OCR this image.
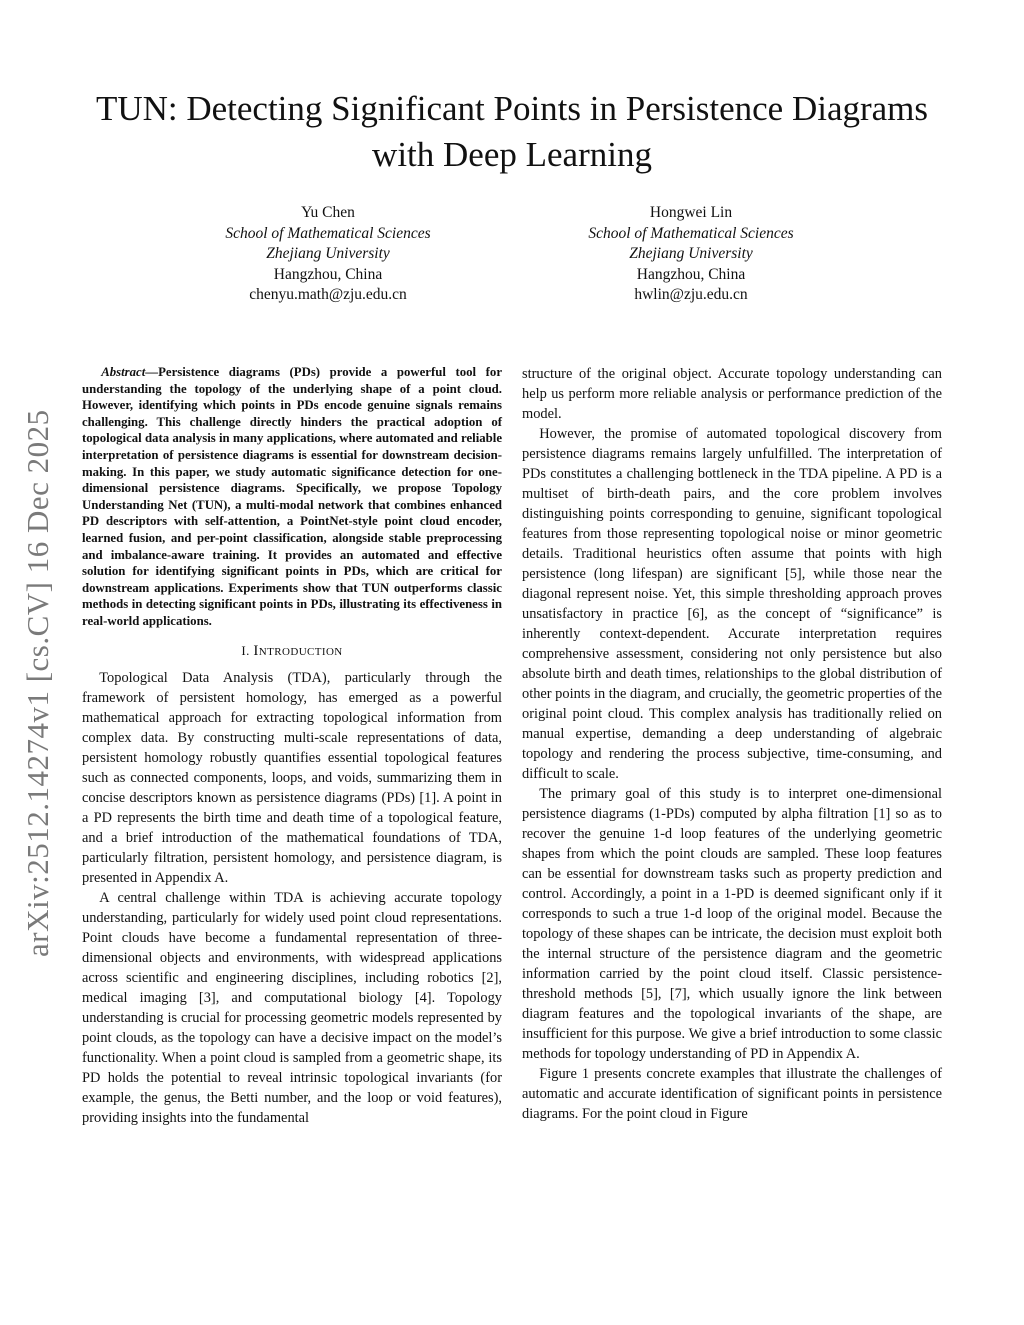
TUN: Detecting Significant Points in Persistence Diagrams with Deep Learning
Yu Chen
School of Mathematical Sciences
Zhejiang University
Hangzhou, China
chenyu.math@zju.edu.cn
Hongwei Lin
School of Mathematical Sciences
Zhejiang University
Hangzhou, China
hwlin@zju.edu.cn
arXiv:2512.14274v1 [cs.CV] 16 Dec 2025

Abstract—Persistence diagrams (PDs) provide a powerful tool for understanding the topology of the underlying shape of a point cloud. However, identifying which points in PDs encode genuine signals remains challenging. This challenge directly hinders the practical adoption of topological data analysis in many applications, where automated and reliable interpretation of persistence diagrams is essential for downstream decision-making. In this paper, we study automatic significance detection for one-dimensional persistence diagrams. Specifically, we propose Topology Understanding Net (TUN), a multi-modal network that combines enhanced PD descriptors with self-attention, a PointNet-style point cloud encoder, learned fusion, and per-point classification, alongside stable preprocessing and imbalance-aware training. It provides an automated and effective solution for identifying significant points in PDs, which are critical for downstream applications. Experiments show that TUN outperforms classic methods in detecting significant points in PDs, illustrating its effectiveness in real-world applications.

I. Introduction

Topological Data Analysis (TDA), particularly through the framework of persistent homology, has emerged as a powerful mathematical approach for extracting topological information from complex data. By constructing multi-scale representations of data, persistent homology robustly quantifies essential topological features such as connected components, loops, and voids, summarizing them in concise descriptors known as persistence diagrams (PDs) [1]. A point in a PD represents the birth time and death time of a topological feature, and a brief introduction of the mathematical foundations of TDA, particularly filtration, persistent homology, and persistence diagram, is presented in Appendix A.

A central challenge within TDA is achieving accurate topology understanding, particularly for widely used point cloud representations. Point clouds have become a fundamental representation of three-dimensional objects and environments, with widespread applications across scientific and engineering disciplines, including robotics [2], medical imaging [3], and computational biology [4]. Topology understanding is crucial for processing geometric models represented by point clouds, as the topology can have a decisive impact on the model’s functionality. When a point cloud is sampled from a geometric shape, its PD holds the potential to reveal intrinsic topological invariants (for example, the genus, the Betti number, and the loop or void features), providing insights into the fundamental

structure of the original object. Accurate topology understanding can help us perform more reliable analysis or performance prediction of the model.

However, the promise of automated topological discovery from persistence diagrams remains largely unfulfilled. The interpretation of PDs constitutes a challenging bottleneck in the TDA pipeline. A PD is a multiset of birth-death pairs, and the core problem involves distinguishing points corresponding to genuine, significant topological features from those representing topological noise or minor geometric details. Traditional heuristics often assume that points with high persistence (long lifespan) are significant [5], while those near the diagonal represent noise. Yet, this simple thresholding approach proves unsatisfactory in practice [6], as the concept of “significance” is inherently context-dependent. Accurate interpretation requires comprehensive assessment, considering not only persistence but also absolute birth and death times, relationships to the global distribution of other points in the diagram, and crucially, the geometric properties of the original point cloud. This complex analysis has traditionally relied on manual expertise, demanding a deep understanding of algebraic topology and rendering the process subjective, time-consuming, and difficult to scale.

The primary goal of this study is to interpret one-dimensional persistence diagrams (1-PDs) computed by alpha filtration [1] so as to recover the genuine 1-d loop features of the underlying geometric shapes from which the point clouds are sampled. These loop features can be essential for downstream tasks such as property prediction and control. Accordingly, a point in a 1-PD is deemed significant only if it corresponds to such a true 1-d loop of the original model. Because the topology of these shapes can be intricate, the decision must exploit both the internal structure of the persistence diagram and the geometric information carried by the point cloud itself. Classic persistence-threshold methods [5], [7], which usually ignore the link between diagram features and the topological invariants of the shape, are insufficient for this purpose. We give a brief introduction to some classic methods for topology understanding of PD in Appendix A.

Figure 1 presents concrete examples that illustrate the challenges of automatic and accurate identification of significant points in persistence diagrams. For the point cloud in Figure
